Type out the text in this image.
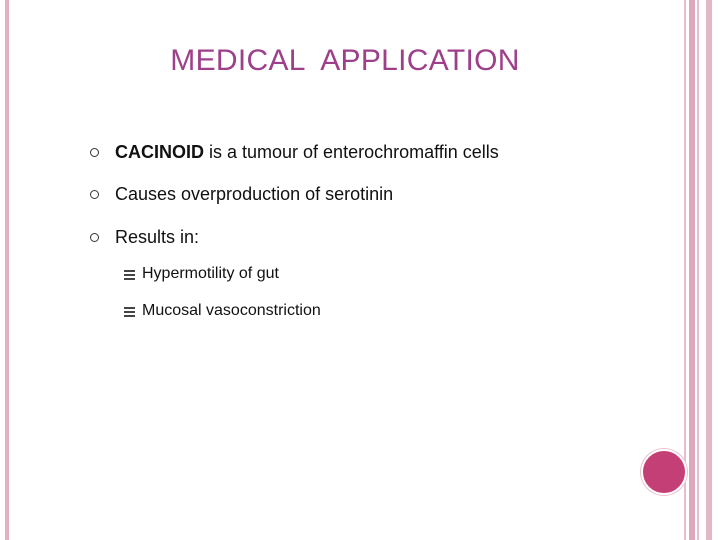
MEDICAL  APPLICATION
CACINOID is a tumour of enterochromaffin cells
Causes overproduction of serotinin
Results in:
Hypermotility of gut
Mucosal vasoconstriction
